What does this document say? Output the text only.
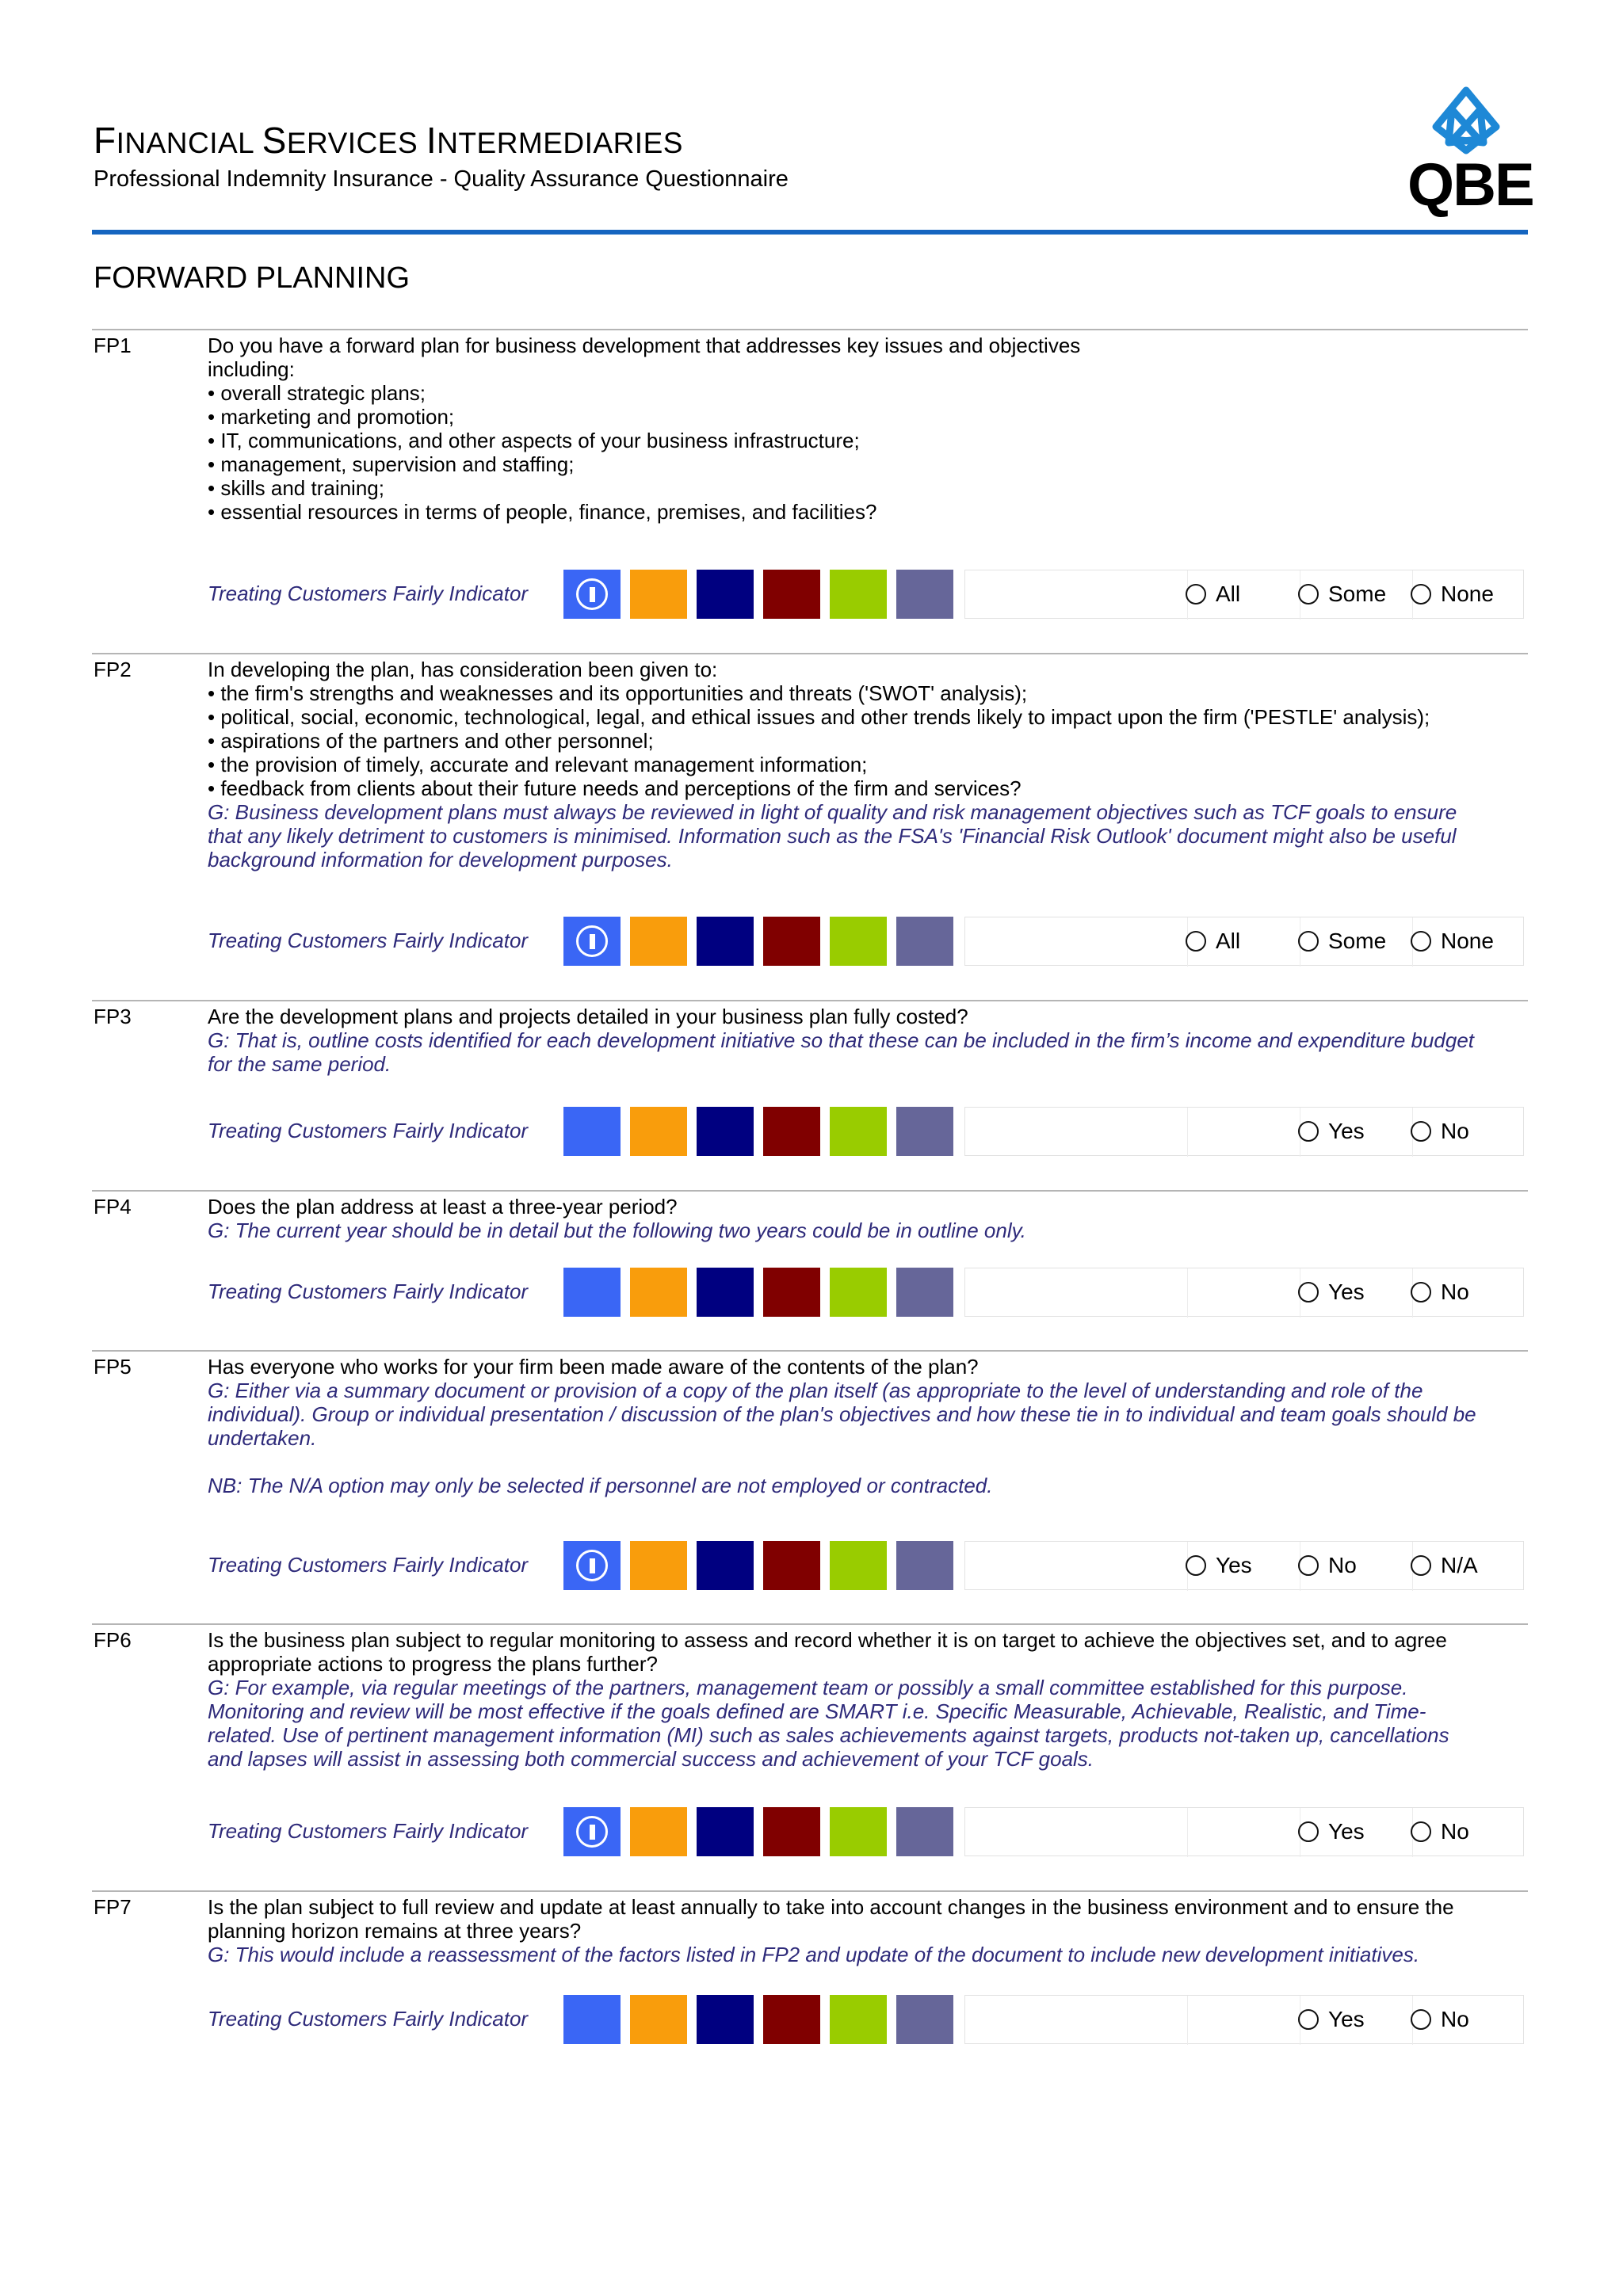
FINANCIAL SERVICES INTERMEDIARIES
Professional Indemnity Insurance - Quality Assurance Questionnaire	QBE
FORWARD PLANNING
FP1	Do you have a forward plan for business development that addresses key issues and objectives
including:
• overall strategic plans;
• marketing and promotion;
• IT, communications, and other aspects of your business infrastructure;
• management, supervision and staffing;
• skills and training;
• essential resources in terms of people, finance, premises, and facilities?
Treating Customers Fairly Indicator	All	Some None
FP2	In developing the plan, has consideration been given to:
• the firm's strengths and weaknesses and its opportunities and threats ('SWOT' analysis);
• political, social, economic, technological, legal, and ethical issues and other trends likely to impact upon the firm ('PESTLE' analysis);
• aspirations of the partners and other personnel;
• the provision of timely, accurate and relevant management information;
• feedback from clients about their future needs and perceptions of the firm and services?
G: Business development plans must always be reviewed in light of quality and risk management objectives such as TCF goals to ensure
that any likely detriment to customers is minimised. Information such as the FSA's 'Financial Risk Outlook' document might also be useful
background information for development purposes.
Treating Customers Fairly Indicator	All	Some None
FP3	Are the development plans and projects detailed in your business plan fully costed?
G: That is, outline costs identified for each development initiative so that these can be included in the firm’s income and expenditure budget
for the same period.
Treating Customers Fairly Indicator	Yes	No
FP4	Does the plan address at least a three-year period?
G: The current year should be in detail but the following two years could be in outline only.
Treating Customers Fairly Indicator	Yes	No
FP5	Has everyone who works for your firm been made aware of the contents of the plan?
G: Either via a summary document or provision of a copy of the plan itself (as appropriate to the level of understanding and role of the
individual). Group or individual presentation / discussion of the plan's objectives and how these tie in to individual and team goals should be
undertaken.
NB: The N/A option may only be selected if personnel are not employed or contracted.
Treating Customers Fairly Indicator	Yes	No	N/A
FP6	Is the business plan subject to regular monitoring to assess and record whether it is on target to achieve the objectives set, and to agree
appropriate actions to progress the plans further?
G: For example, via regular meetings of the partners, management team or possibly a small committee established for this purpose.
Monitoring and review will be most effective if the goals defined are SMART i.e. Specific Measurable, Achievable, Realistic, and Time-
related. Use of pertinent management information (MI) such as sales achievements against targets, products not-taken up, cancellations
and lapses will assist in assessing both commercial success and achievement of your TCF goals.
Treating Customers Fairly Indicator	Yes	No
FP7	Is the plan subject to full review and update at least annually to take into account changes in the business environment and to ensure the
planning horizon remains at three years?
G: This would include a reassessment of the factors listed in FP2 and update of the document to include new development initiatives.
Treating Customers Fairly Indicator	Yes	No
